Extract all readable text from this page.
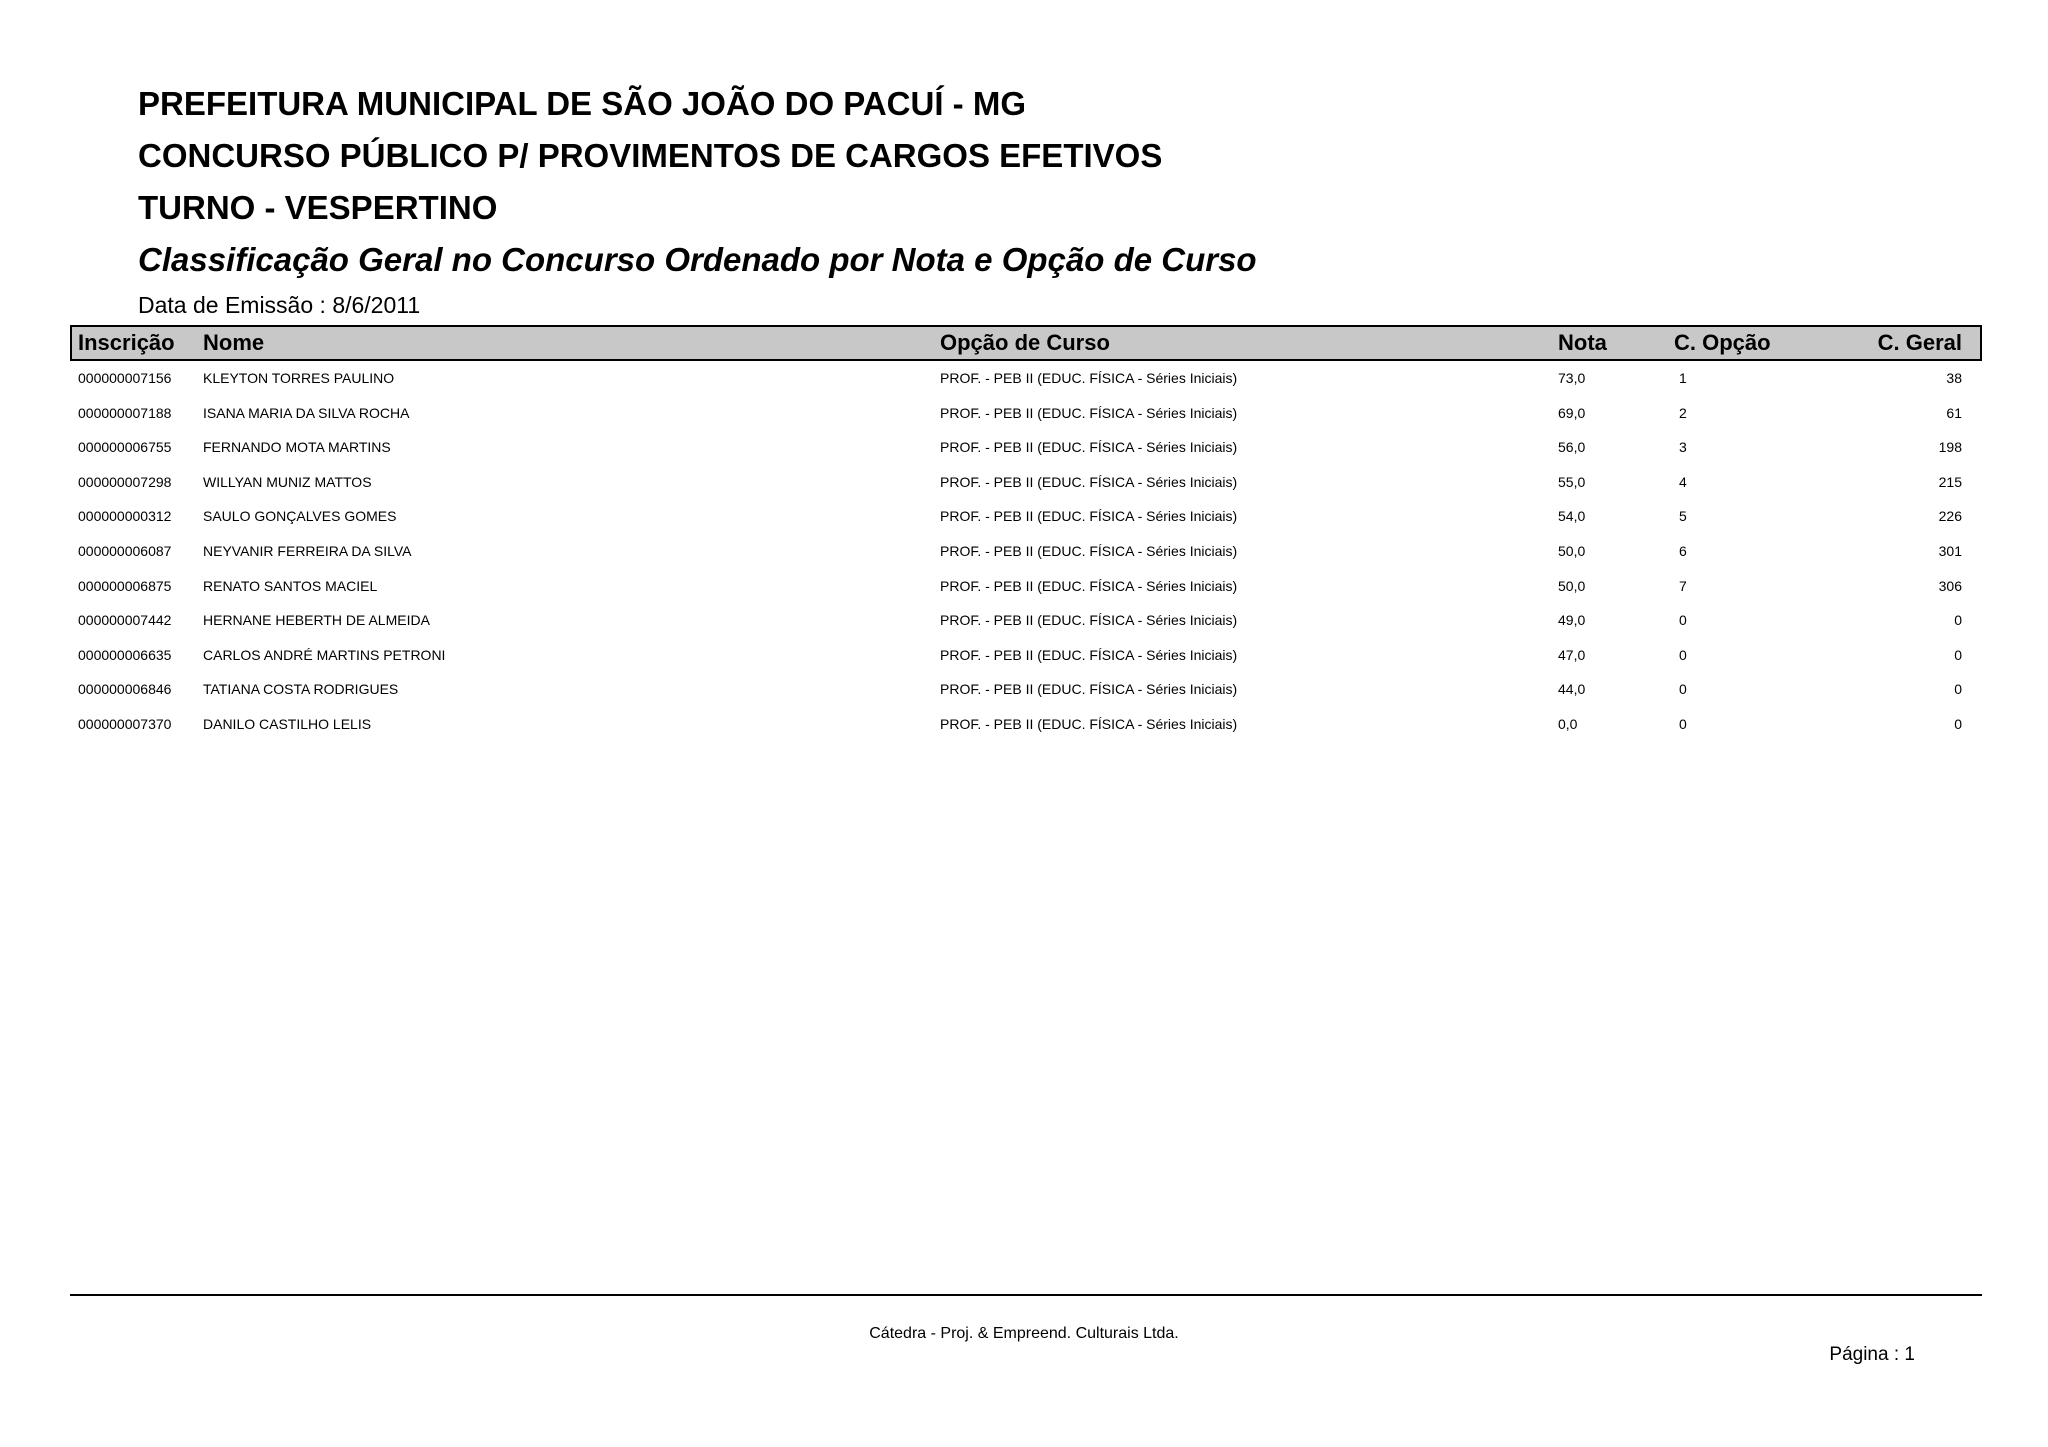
PREFEITURA MUNICIPAL DE SÃO JOÃO DO PACUÍ - MG
CONCURSO PÚBLICO P/ PROVIMENTOS DE CARGOS EFETIVOS
TURNO - VESPERTINO
Classificação Geral no Concurso Ordenado por Nota e Opção de Curso
Data de Emissão : 8/6/2011
Inscrição Nome	Opção de Curso	Nota	C. Opção	C. Geral
000000007156 KLEYTON TORRES PAULINO	PROF. - PEB II (EDUC. FÍSICA - Séries Iniciais)	73,0	1	38
000000007188 ISANA MARIA DA SILVA ROCHA	PROF. - PEB II (EDUC. FÍSICA - Séries Iniciais)	69,0	2	61
000000006755 FERNANDO MOTA MARTINS	PROF. - PEB II (EDUC. FÍSICA - Séries Iniciais)	56,0	3	198
000000007298 WILLYAN MUNIZ MATTOS	PROF. - PEB II (EDUC. FÍSICA - Séries Iniciais)	55,0	4	215
000000000312 SAULO GONÇALVES GOMES	PROF. - PEB II (EDUC. FÍSICA - Séries Iniciais)	54,0	5	226
000000006087 NEYVANIR FERREIRA DA SILVA	PROF. - PEB II (EDUC. FÍSICA - Séries Iniciais)	50,0	6	301
000000006875 RENATO SANTOS MACIEL	PROF. - PEB II (EDUC. FÍSICA - Séries Iniciais)	50,0	7	306
000000007442 HERNANE HEBERTH DE ALMEIDA	PROF. - PEB II (EDUC. FÍSICA - Séries Iniciais)	49,0	0	0
000000006635 CARLOS ANDRÉ MARTINS PETRONI	PROF. - PEB II (EDUC. FÍSICA - Séries Iniciais)	47,0	0	0
000000006846 TATIANA COSTA RODRIGUES	PROF. - PEB II (EDUC. FÍSICA - Séries Iniciais)	44,0	0	0
000000007370 DANILO CASTILHO LELIS	PROF. - PEB II (EDUC. FÍSICA - Séries Iniciais)	0,0	0	0
Cátedra - Proj. & Empreend. Culturais Ltda.
Página : 1
